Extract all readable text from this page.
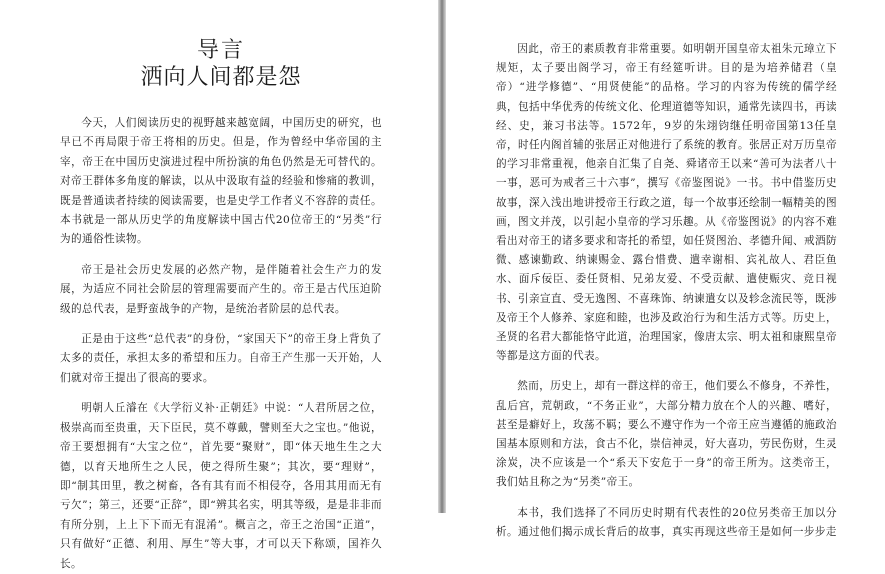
导言
洒向人间都是怨

今天，人们阅读历史的视野越来越宽阔，中国历史的研究，也早已不再局限于帝王将相的历史。但是，作为曾经中华帝国的主宰，帝王在中国历史演进过程中所扮演的角色仍然是无可替代的。对帝王群体多角度的解读，以从中汲取有益的经验和惨痛的教训，既是普通读者持续的阅读需要，也是史学工作者义不容辞的责任。本书就是一部从历史学的角度解读中国古代20位帝王的“另类”行为的通俗性读物。

帝王是社会历史发展的必然产物，是伴随着社会生产力的发展，为适应不同社会阶层的管理需要而产生的。帝王是古代压迫阶级的总代表，是野蛮战争的产物，是统治者阶层的总代表。

正是由于这些“总代表”的身份，“家国天下”的帝王身上背负了太多的责任，承担太多的希望和压力。自帝王产生那一天开始，人们就对帝王提出了很高的要求。

明朝人丘濬在《大学衍义补·正朝廷》中说：“人君所居之位，极崇高而至贵重，天下臣民，莫不尊戴，譬则至大之宝也。”他说，帝王要想拥有“大宝之位”，首先要“聚财”，即“体天地生生之大德，以育天地所生之人民，使之得所生聚”；其次，要“理财”，即“制其田里，教之树畜，各有其有而不相侵夺，各用其用而无有亏欠”；第三，还要“正辞”，即“辨其名实，明其等级，是是非非而有所分别，上上下下而无有混淆”。概言之，帝王之治国“正道”，只有做好“正德、利用、厚生”等大事，才可以天下称颂，国祚久长。

因此，帝王的素质教育非常重要。如明朝开国皇帝太祖朱元璋立下规矩，太子要出阁学习，帝王有经筵听讲。目的是为培养储君（皇帝）“进学修德”、“用贤使能”的品格。学习的内容为传统的儒学经典，包括中华优秀的传统文化、伦理道德等知识，通常先读四书，再读经、史，兼习书法等。1572年，9岁的朱翊钧继任明帝国第13任皇帝，时任内阁首辅的张居正对他进行了系统的教育。张居正对万历皇帝的学习非常重视，他亲自汇集了自尧、舜诸帝王以来“善可为法者八十一事，恶可为戒者三十六事”，撰写《帝鉴图说》一书。书中借鉴历史故事，深入浅出地讲授帝王行政之道，每一个故事还绘制一幅精美的图画，图文并茂，以引起小皇帝的学习乐趣。从《帝鉴图说》的内容不难看出对帝王的诸多要求和寄托的希望，如任贤图治、孝德升闻、戒酒防微、感谏勤政、纳谏赐金、露台惜费、遣幸谢相、宾礼故人、君臣鱼水、面斥佞臣、委任贤相、兄弟友爱、不受贡献、遣使赈灾、竞日视书、引亲宣直、受无逸图、不喜珠饰、纳谏遣女以及轸念流民等，既涉及帝王个人修养、家庭和睦，也涉及政治行为和生活方式等。历史上，圣贤的名君大都能恪守此道，治理国家，像唐太宗、明太祖和康熙皇帝等都是这方面的代表。

然而，历史上，却有一群这样的帝王，他们要么不修身，不养性，乱后宫，荒朝政，“不务正业”，大部分精力放在个人的兴趣、嗜好，甚至是癖好上，玫荡不羁；要么不遵守作为一个帝王应当遵循的施政治国基本原则和方法，食古不化，崇信神灵，好大喜功，劳民伤财，生灵涂炭，决不应该是一个“系天下安危于一身”的帝王所为。这类帝王，我们姑且称之为“另类”帝王。

本书，我们选择了不同历史时期有代表性的20位另类帝王加以分析。通过他们揭示成长背后的故事，真实再现这些帝王是如何一步步走
